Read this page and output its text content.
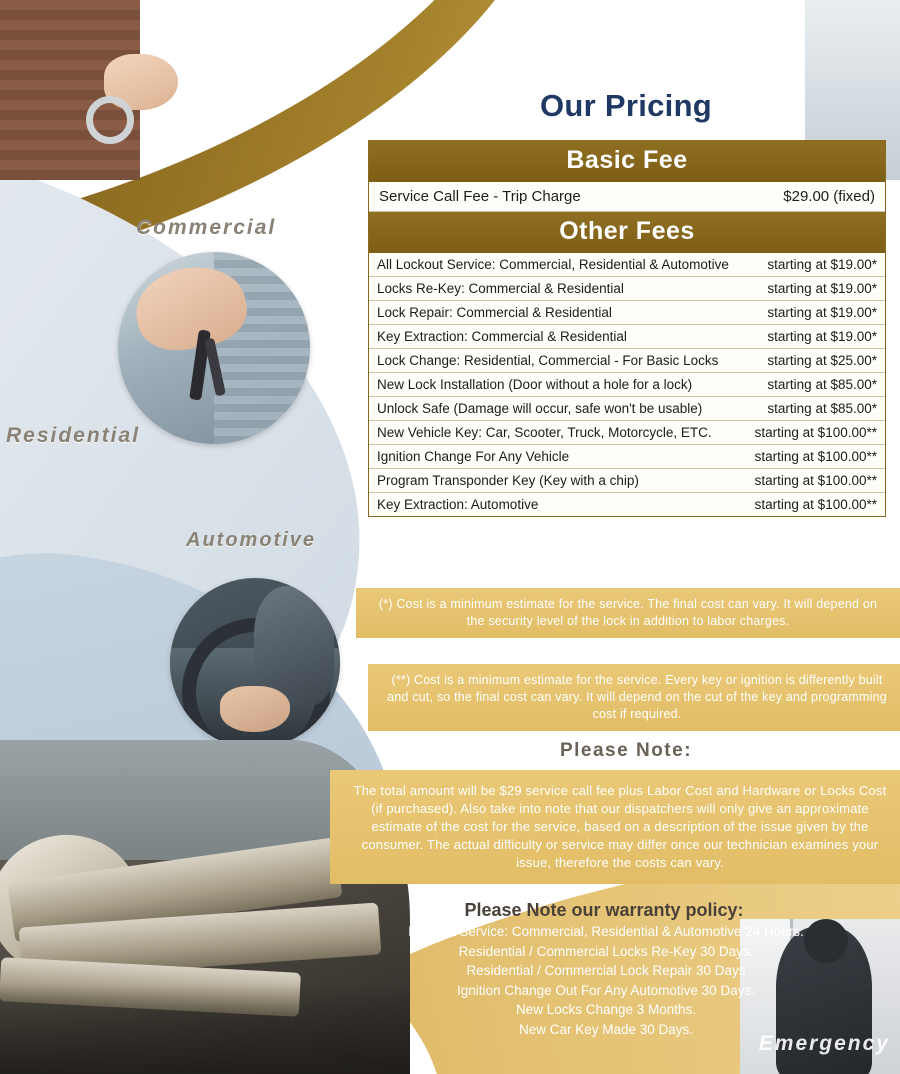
Commercial
Residential
Automotive
Emergency
Our Pricing
Basic Fee
Service Call Fee - Trip Charge	$29.00 (fixed)
Other Fees
All Lockout Service: Commercial, Residential & Automotive	starting at $19.00*
Locks Re-Key: Commercial & Residential	starting at $19.00*
Lock Repair: Commercial & Residential	starting at $19.00*
Key Extraction: Commercial & Residential	starting at $19.00*
Lock Change: Residential, Commercial - For Basic Locks	starting at $25.00*
New Lock Installation (Door without a hole for a lock)	starting at $85.00*
Unlock Safe (Damage will occur, safe won't be usable)	starting at $85.00*
New Vehicle Key: Car, Scooter, Truck, Motorcycle, ETC.	starting at $100.00**
Ignition Change For Any Vehicle	starting at $100.00**
Program Transponder Key (Key with a chip)	starting at $100.00**
Key Extraction: Automotive	starting at $100.00**
(*) Cost is a minimum estimate for the service. The final cost can vary. It will depend on the security level of the lock in addition to labor charges.
(**) Cost is a minimum estimate for the service. Every key or ignition is differently built and cut, so the final cost can vary. It will depend on the cut of the key and programming cost if required.
Please Note:
The total amount will be $29 service call fee plus Labor Cost and Hardware or Locks Cost (if purchased). Also take into note that our dispatchers will only give an approximate estimate of the cost for the service, based on a description of the issue given by the consumer. The actual difficulty or service may differ once our technician examines your issue, therefore the costs can vary.
Please Note our warranty policy:
Lockout Service: Commercial, Residential & Automotive 24 Hours.
Residential / Commercial Locks Re-Key 30 Days.
Residential / Commercial Lock Repair 30 Days
Ignition Change Out For Any Automotive 30 Days.
New Locks Change 3 Months.
New Car Key Made 30 Days.
